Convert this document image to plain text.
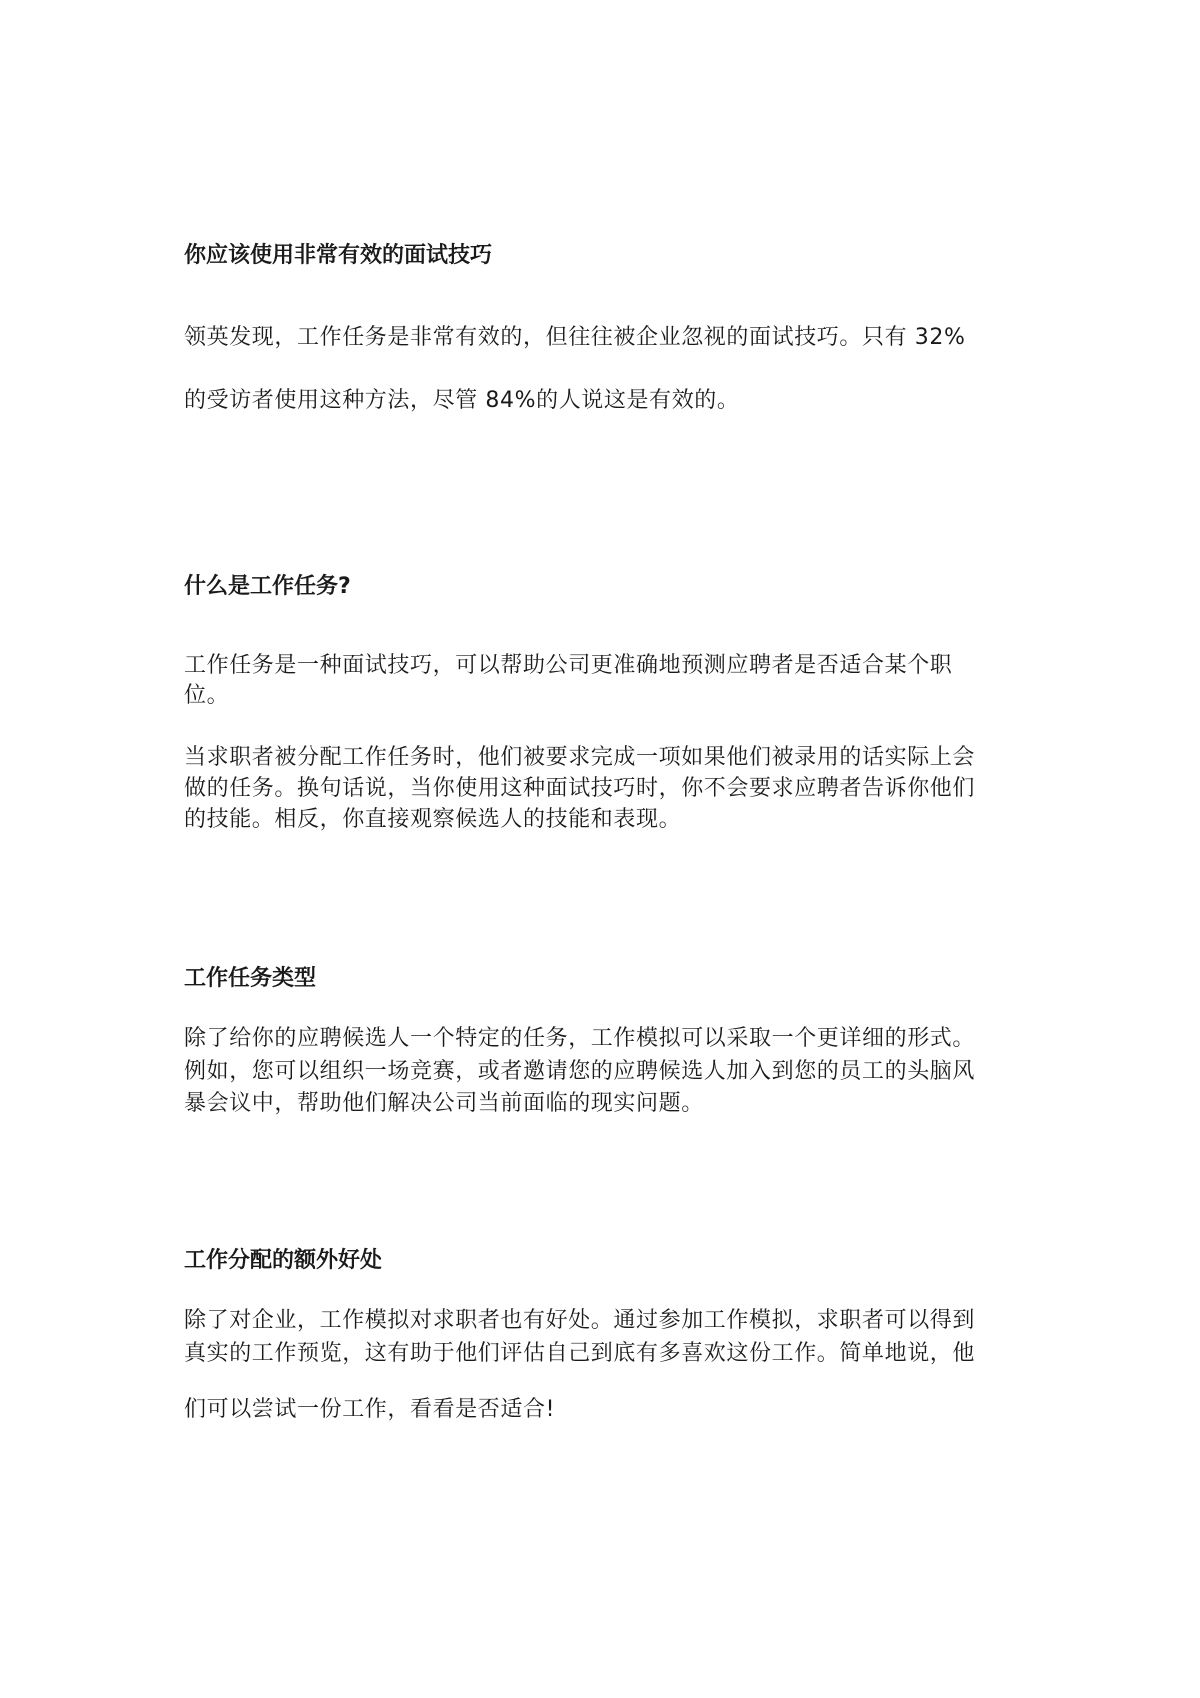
你应该使用非常有效的面试技巧

领英发现，工作任务是非常有效的，但往往被企业忽视的面试技巧。只有 32%

的受访者使用这种方法，尽管 84%的人说这是有效的。

什么是工作任务?

工作任务是一种面试技巧，可以帮助公司更准确地预测应聘者是否适合某个职

位。

当求职者被分配工作任务时，他们被要求完成一项如果他们被录用的话实际上会

做的任务。换句话说，当你使用这种面试技巧时，你不会要求应聘者告诉你他们

的技能。相反，你直接观察候选人的技能和表现。

工作任务类型

除了给你的应聘候选人一个特定的任务，工作模拟可以采取一个更详细的形式。

例如，您可以组织一场竞赛，或者邀请您的应聘候选人加入到您的员工的头脑风

暴会议中，帮助他们解决公司当前面临的现实问题。

工作分配的额外好处

除了对企业，工作模拟对求职者也有好处。通过参加工作模拟，求职者可以得到

真实的工作预览，这有助于他们评估自己到底有多喜欢这份工作。简单地说，他

们可以尝试一份工作，看看是否适合!
